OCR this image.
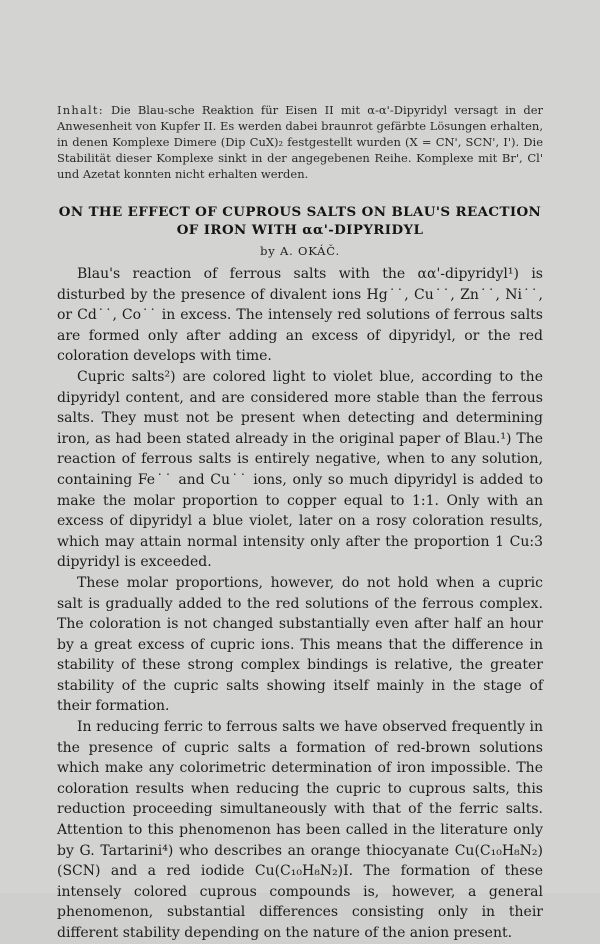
Inhalt: Die Blau-sche Reaktion für Eisen II mit α-α'-Dipyridyl versagt in der Anwesenheit von Kupfer II. Es werden dabei braunrot gefärbte Lösungen erhalten, in denen Komplexe Dimere (Dip CuX)₂ festgestellt wurden (X = CN', SCN', I'). Die Stabilität dieser Komplexe sinkt in der angegebenen Reihe. Komplexe mit Br', Cl' und Azetat konnten nicht erhalten werden.
ON THE EFFECT OF CUPROUS SALTS ON BLAU'S REACTION
OF IRON WITH αα'-DIPYRIDYL
by A. OKÁČ.

Blau's reaction of ferrous salts with the αα'-dipyridyl¹) is disturbed by the presence of divalent ions Hg˙˙, Cu˙˙, Zn˙˙, Ni˙˙, or Cd˙˙, Co˙˙ in excess. The intensely red solutions of ferrous salts are formed only after adding an excess of dipyridyl, or the red coloration develops with time.

Cupric salts²) are colored light to violet blue, according to the dipyridyl content, and are considered more stable than the ferrous salts. They must not be present when detecting and determining iron, as had been stated already in the original paper of Blau.¹) The reaction of ferrous salts is entirely negative, when to any solution, containing Fe˙˙ and Cu˙˙ ions, only so much dipyridyl is added to make the molar proportion to copper equal to 1:1. Only with an excess of dipyridyl a blue violet, later on a rosy coloration results, which may attain normal intensity only after the proportion 1 Cu:3 dipyridyl is exceeded.

These molar proportions, however, do not hold when a cupric salt is gradually added to the red solutions of the ferrous complex. The coloration is not changed substantially even after half an hour by a great excess of cupric ions. This means that the difference in stability of these strong complex bindings is relative, the greater stability of the cupric salts showing itself mainly in the stage of their formation.

In reducing ferric to ferrous salts we have observed frequently in the presence of cupric salts a formation of red-brown solutions which make any colorimetric determination of iron impossible. The coloration results when reducing the cupric to cuprous salts, this reduction proceeding simultaneously with that of the ferric salts. Attention to this phenomenon has been called in the literature only by G. Tartarini⁴) who describes an orange thiocyanate Cu(C₁₀H₈N₂)(SCN) and a red iodide Cu(C₁₀H₈N₂)I. The formation of these intensely colored cuprous compounds is, however, a general phenomenon, substantial differences consisting only in their different stability depending on the nature of the anion present.
